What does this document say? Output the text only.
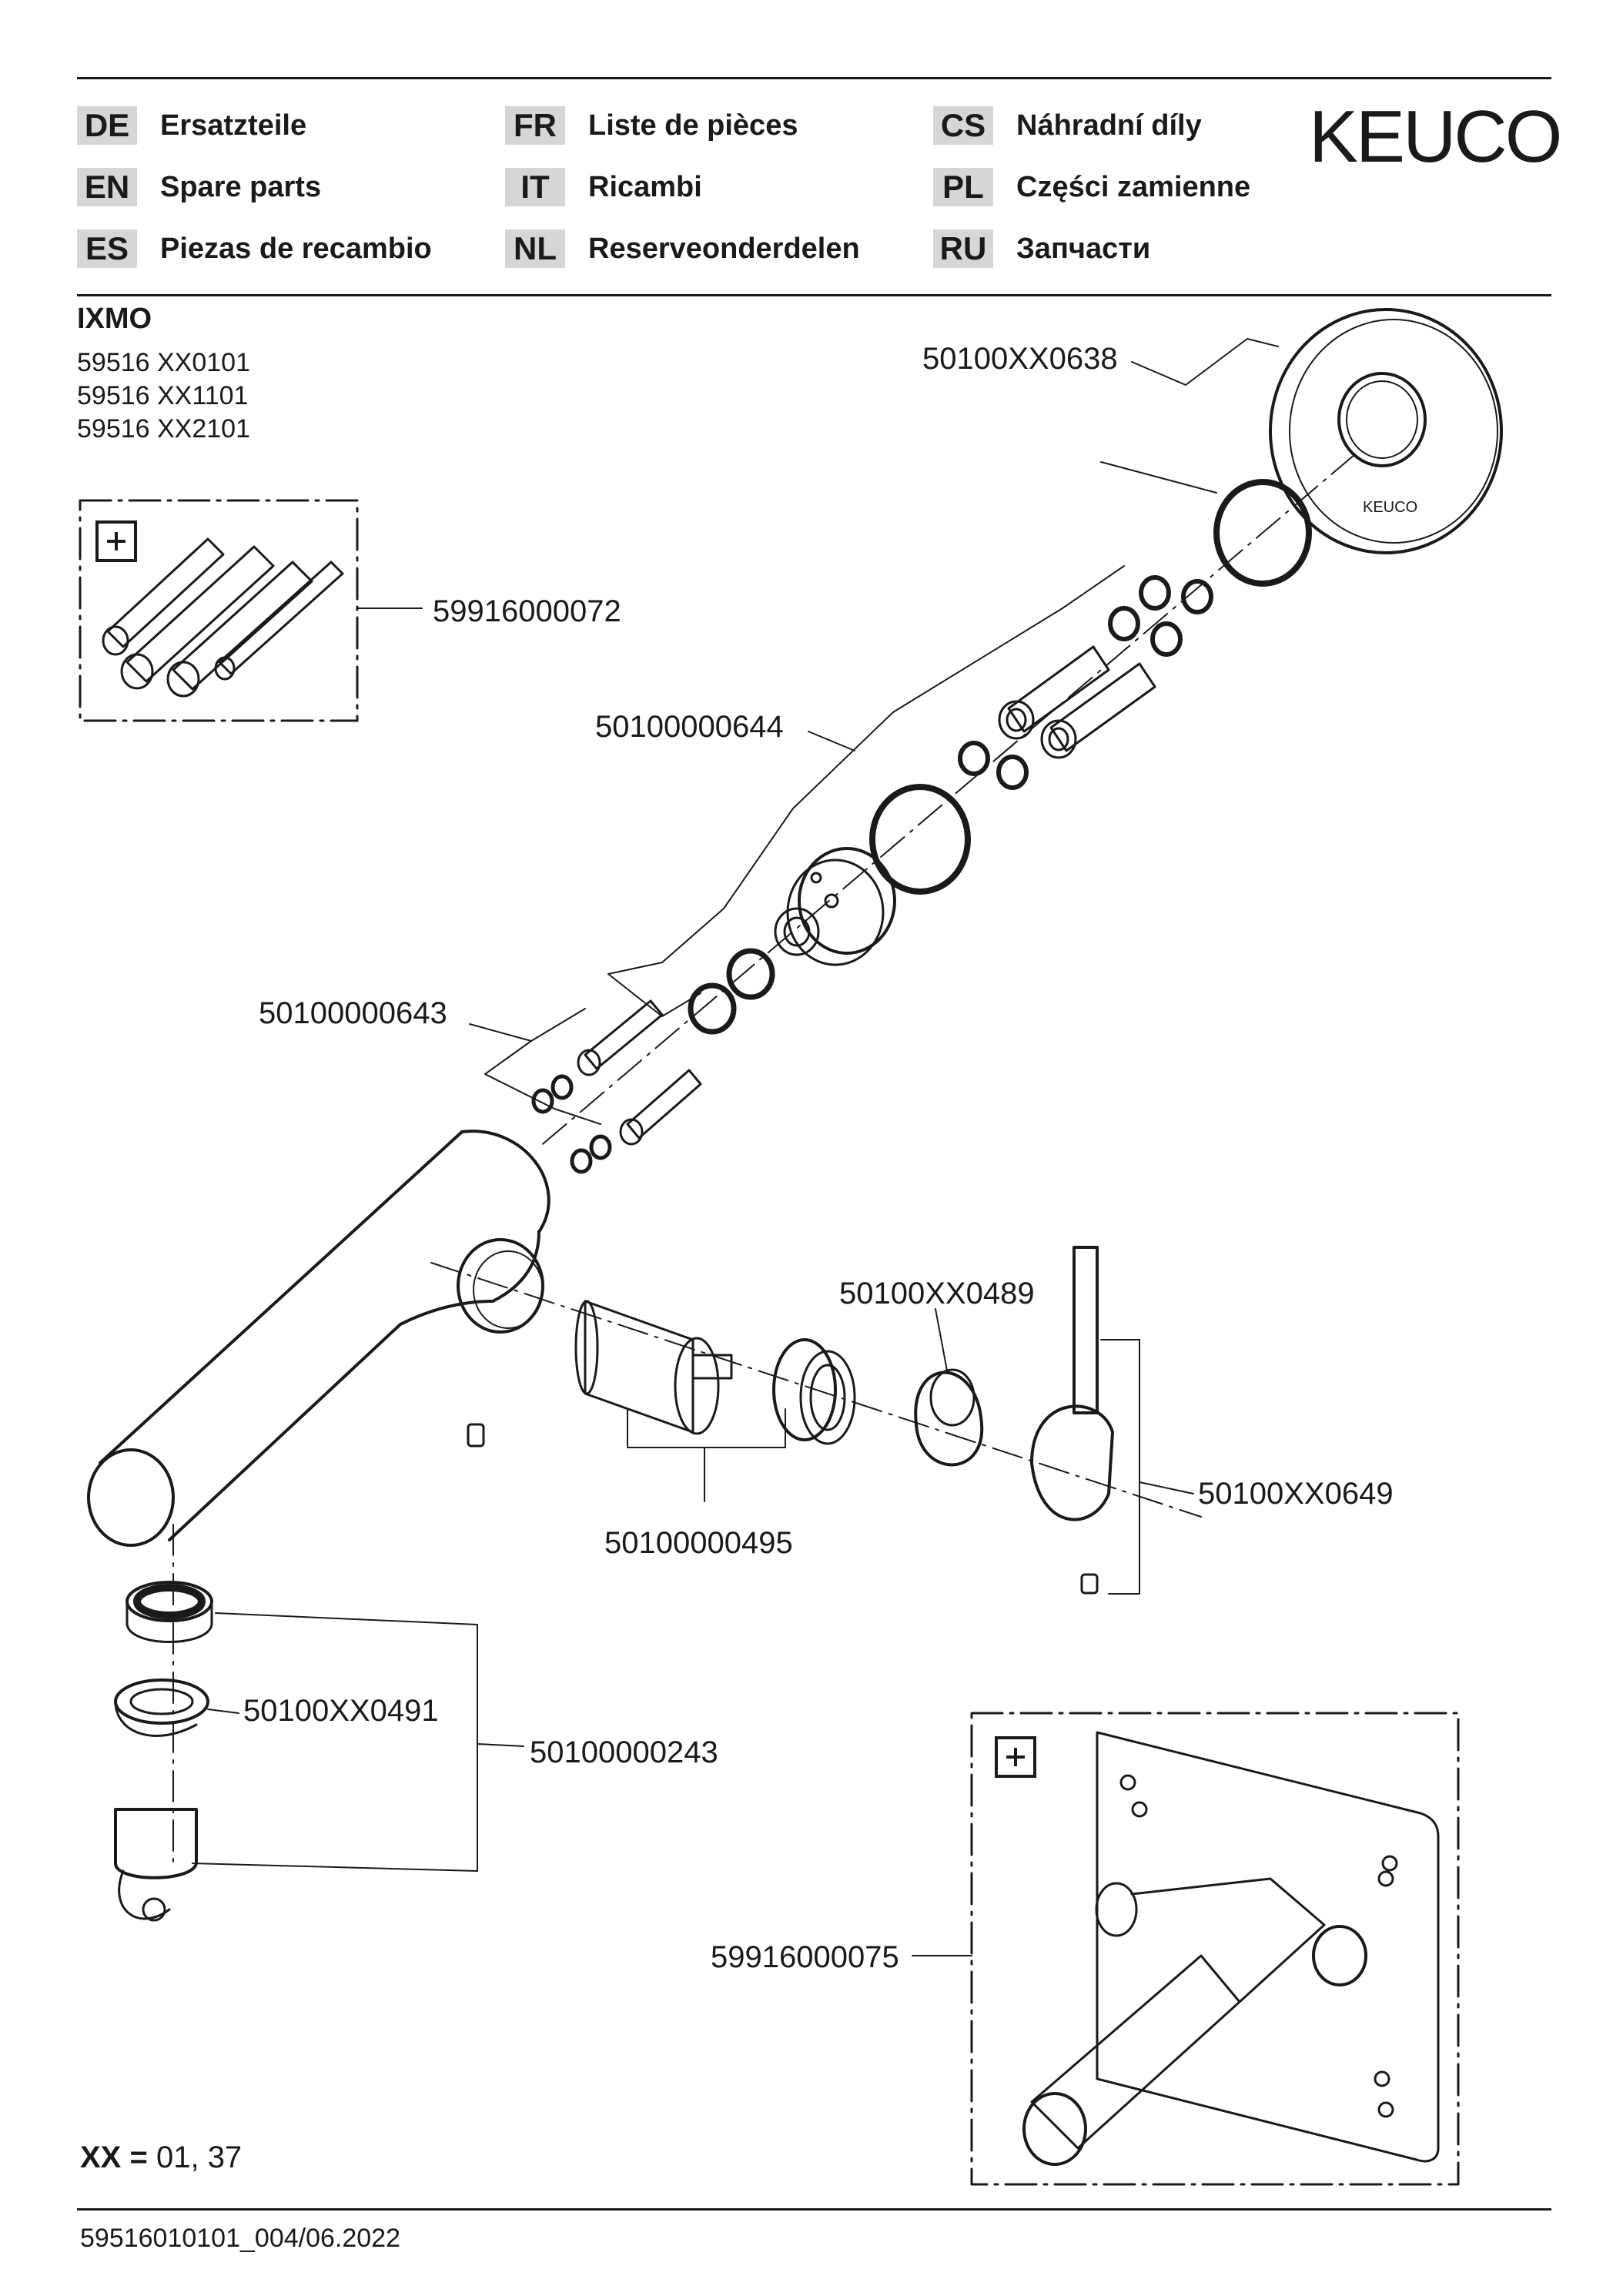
DE Ersatzteile
EN Spare parts
ES Piezas de recambio
FR Liste de pièces
IT	Ricambi
NL Reserveonderdelen
CS Náhradní díly
PL	Części zamienne
RU Запчасти
KEUCO
IXMO
59516 XX0101
59516 XX1101
59516 XX2101
KEUCO
50100XX0638
59916000072
50100000644
50100000643
50100XX0489
50100000495
50100XX0649
50100XX0491
50100000243
59916000075
XX = 01, 37
59516010101_004/06.2022
